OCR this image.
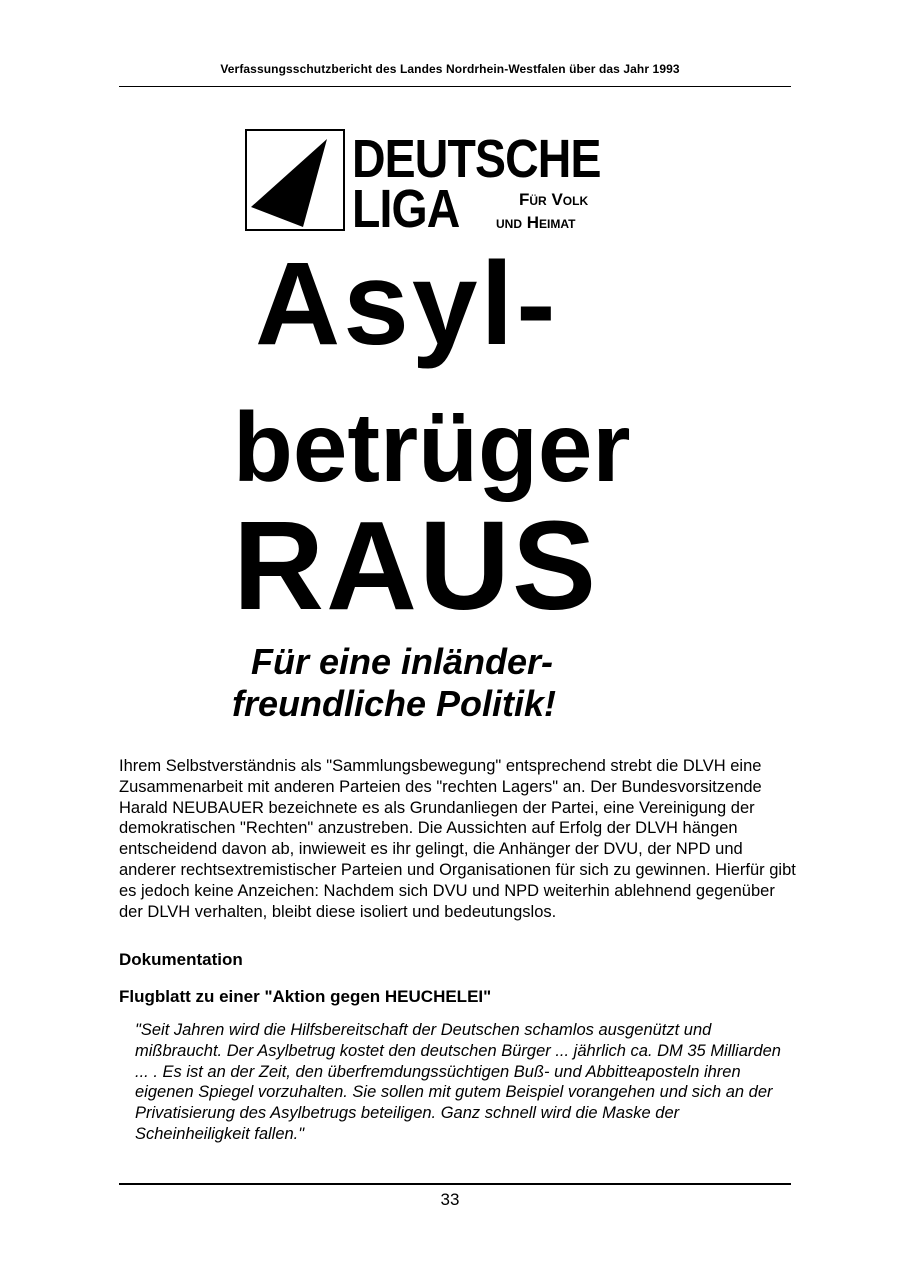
Verfassungsschutzbericht des Landes Nordrhein-Westfalen über das Jahr 1993
DEUTSCHE
LIGA	Für Volk
und Heimat
Asyl-
betrüger
RAUS
Für eine inländer-
freundliche Politik!

Ihrem Selbstverständnis als "Sammlungsbewegung" entsprechend strebt die DLVH eine Zusammenarbeit mit anderen Parteien des "rechten Lagers" an. Der Bundesvorsitzende Harald NEUBAUER bezeichnete es als Grundanliegen der Partei, eine Vereinigung der demokratischen "Rechten" anzustreben. Die Aussichten auf Erfolg der DLVH hängen entscheidend davon ab, inwieweit es ihr gelingt, die Anhänger der DVU, der NPD und anderer rechtsextremistischer Parteien und Organisationen für sich zu gewinnen. Hierfür gibt es jedoch keine Anzeichen: Nachdem sich DVU und NPD weiterhin ablehnend gegenüber der DLVH verhalten, bleibt diese isoliert und bedeutungslos.

Dokumentation
Flugblatt zu einer "Aktion gegen HEUCHELEI"

"Seit Jahren wird die Hilfsbereitschaft der Deutschen schamlos ausgenützt und mißbraucht. Der Asylbetrug kostet den deutschen Bürger ... jährlich ca. DM 35 Milliarden ... . Es ist an der Zeit, den überfremdungssüchtigen Buß- und Abbitteaposteln ihren eigenen Spiegel vorzuhalten. Sie sollen mit gutem Beispiel vorangehen und sich an der Privatisierung des Asylbetrugs beteiligen. Ganz schnell wird die Maske der Scheinheiligkeit fallen."

33
